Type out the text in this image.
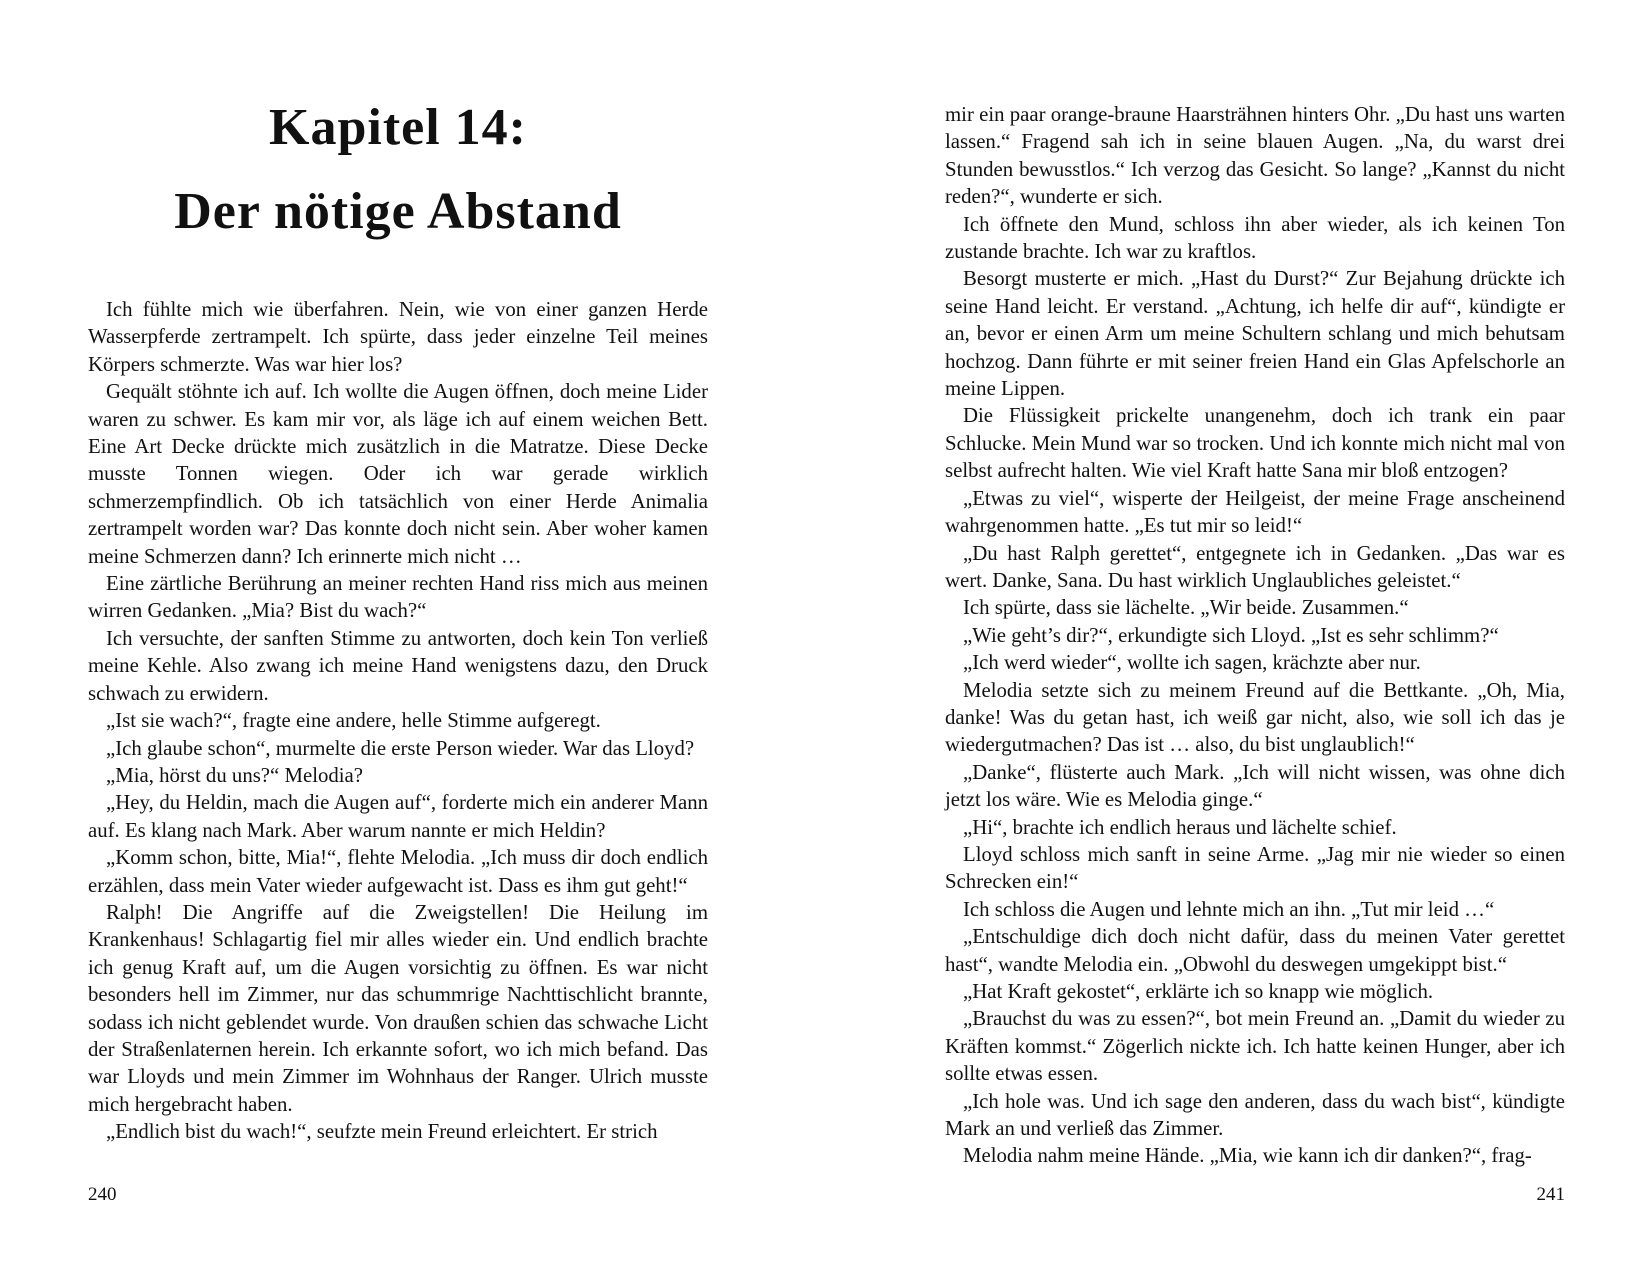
Kapitel 14:
Der nötige Abstand

Ich fühlte mich wie überfahren. Nein, wie von einer ganzen Herde Wasserpferde zertrampelt. Ich spürte, dass jeder einzelne Teil meines Körpers schmerzte. Was war hier los?

Gequält stöhnte ich auf. Ich wollte die Augen öffnen, doch meine Lider waren zu schwer. Es kam mir vor, als läge ich auf einem weichen Bett. Eine Art Decke drückte mich zusätzlich in die Matratze. Diese Decke musste Tonnen wiegen. Oder ich war gerade wirklich schmerzempfindlich. Ob ich tatsächlich von einer Herde Animalia zertrampelt worden war? Das konnte doch nicht sein. Aber woher kamen meine Schmerzen dann? Ich erinnerte mich nicht …

Eine zärtliche Berührung an meiner rechten Hand riss mich aus meinen wirren Gedanken. „Mia? Bist du wach?“

Ich versuchte, der sanften Stimme zu antworten, doch kein Ton verließ meine Kehle. Also zwang ich meine Hand wenigstens dazu, den Druck schwach zu erwidern.

„Ist sie wach?“, fragte eine andere, helle Stimme aufgeregt.

„Ich glaube schon“, murmelte die erste Person wieder. War das Lloyd?

„Mia, hörst du uns?“ Melodia?

„Hey, du Heldin, mach die Augen auf“, forderte mich ein anderer Mann auf. Es klang nach Mark. Aber warum nannte er mich Heldin?

„Komm schon, bitte, Mia!“, flehte Melodia. „Ich muss dir doch endlich erzählen, dass mein Vater wieder aufgewacht ist. Dass es ihm gut geht!“

Ralph! Die Angriffe auf die Zweigstellen! Die Heilung im Krankenhaus! Schlagartig fiel mir alles wieder ein. Und endlich brachte ich genug Kraft auf, um die Augen vorsichtig zu öffnen. Es war nicht besonders hell im Zimmer, nur das schummrige Nachttischlicht brannte, sodass ich nicht geblendet wurde. Von draußen schien das schwache Licht der Straßenlaternen herein. Ich erkannte sofort, wo ich mich befand. Das war Lloyds und mein Zimmer im Wohnhaus der Ranger. Ulrich musste mich hergebracht haben.

„Endlich bist du wach!“, seufzte mein Freund erleichtert. Er strich

240

mir ein paar orange-braune Haarsträhnen hinters Ohr. „Du hast uns warten lassen.“ Fragend sah ich in seine blauen Augen. „Na, du warst drei Stunden bewusstlos.“ Ich verzog das Gesicht. So lange? „Kannst du nicht reden?“, wunderte er sich.

Ich öffnete den Mund, schloss ihn aber wieder, als ich keinen Ton zustande brachte. Ich war zu kraftlos.

Besorgt musterte er mich. „Hast du Durst?“ Zur Bejahung drückte ich seine Hand leicht. Er verstand. „Achtung, ich helfe dir auf“, kündigte er an, bevor er einen Arm um meine Schultern schlang und mich behutsam hochzog. Dann führte er mit seiner freien Hand ein Glas Apfelschorle an meine Lippen.

Die Flüssigkeit prickelte unangenehm, doch ich trank ein paar Schlucke. Mein Mund war so trocken. Und ich konnte mich nicht mal von selbst aufrecht halten. Wie viel Kraft hatte Sana mir bloß entzogen?

„Etwas zu viel“, wisperte der Heilgeist, der meine Frage anscheinend wahrgenommen hatte. „Es tut mir so leid!“

„Du hast Ralph gerettet“, entgegnete ich in Gedanken. „Das war es wert. Danke, Sana. Du hast wirklich Unglaubliches geleistet.“

Ich spürte, dass sie lächelte. „Wir beide. Zusammen.“

„Wie geht’s dir?“, erkundigte sich Lloyd. „Ist es sehr schlimm?“

„Ich werd wieder“, wollte ich sagen, krächzte aber nur.

Melodia setzte sich zu meinem Freund auf die Bettkante. „Oh, Mia, danke! Was du getan hast, ich weiß gar nicht, also, wie soll ich das je wiedergutmachen? Das ist … also, du bist unglaublich!“

„Danke“, flüsterte auch Mark. „Ich will nicht wissen, was ohne dich jetzt los wäre. Wie es Melodia ginge.“

„Hi“, brachte ich endlich heraus und lächelte schief.

Lloyd schloss mich sanft in seine Arme. „Jag mir nie wieder so einen Schrecken ein!“

Ich schloss die Augen und lehnte mich an ihn. „Tut mir leid …“

„Entschuldige dich doch nicht dafür, dass du meinen Vater gerettet hast“, wandte Melodia ein. „Obwohl du deswegen umgekippt bist.“

„Hat Kraft gekostet“, erklärte ich so knapp wie möglich.

„Brauchst du was zu essen?“, bot mein Freund an. „Damit du wieder zu Kräften kommst.“ Zögerlich nickte ich. Ich hatte keinen Hunger, aber ich sollte etwas essen.

„Ich hole was. Und ich sage den anderen, dass du wach bist“, kündigte Mark an und verließ das Zimmer.

Melodia nahm meine Hände. „Mia, wie kann ich dir danken?“, frag-

241
